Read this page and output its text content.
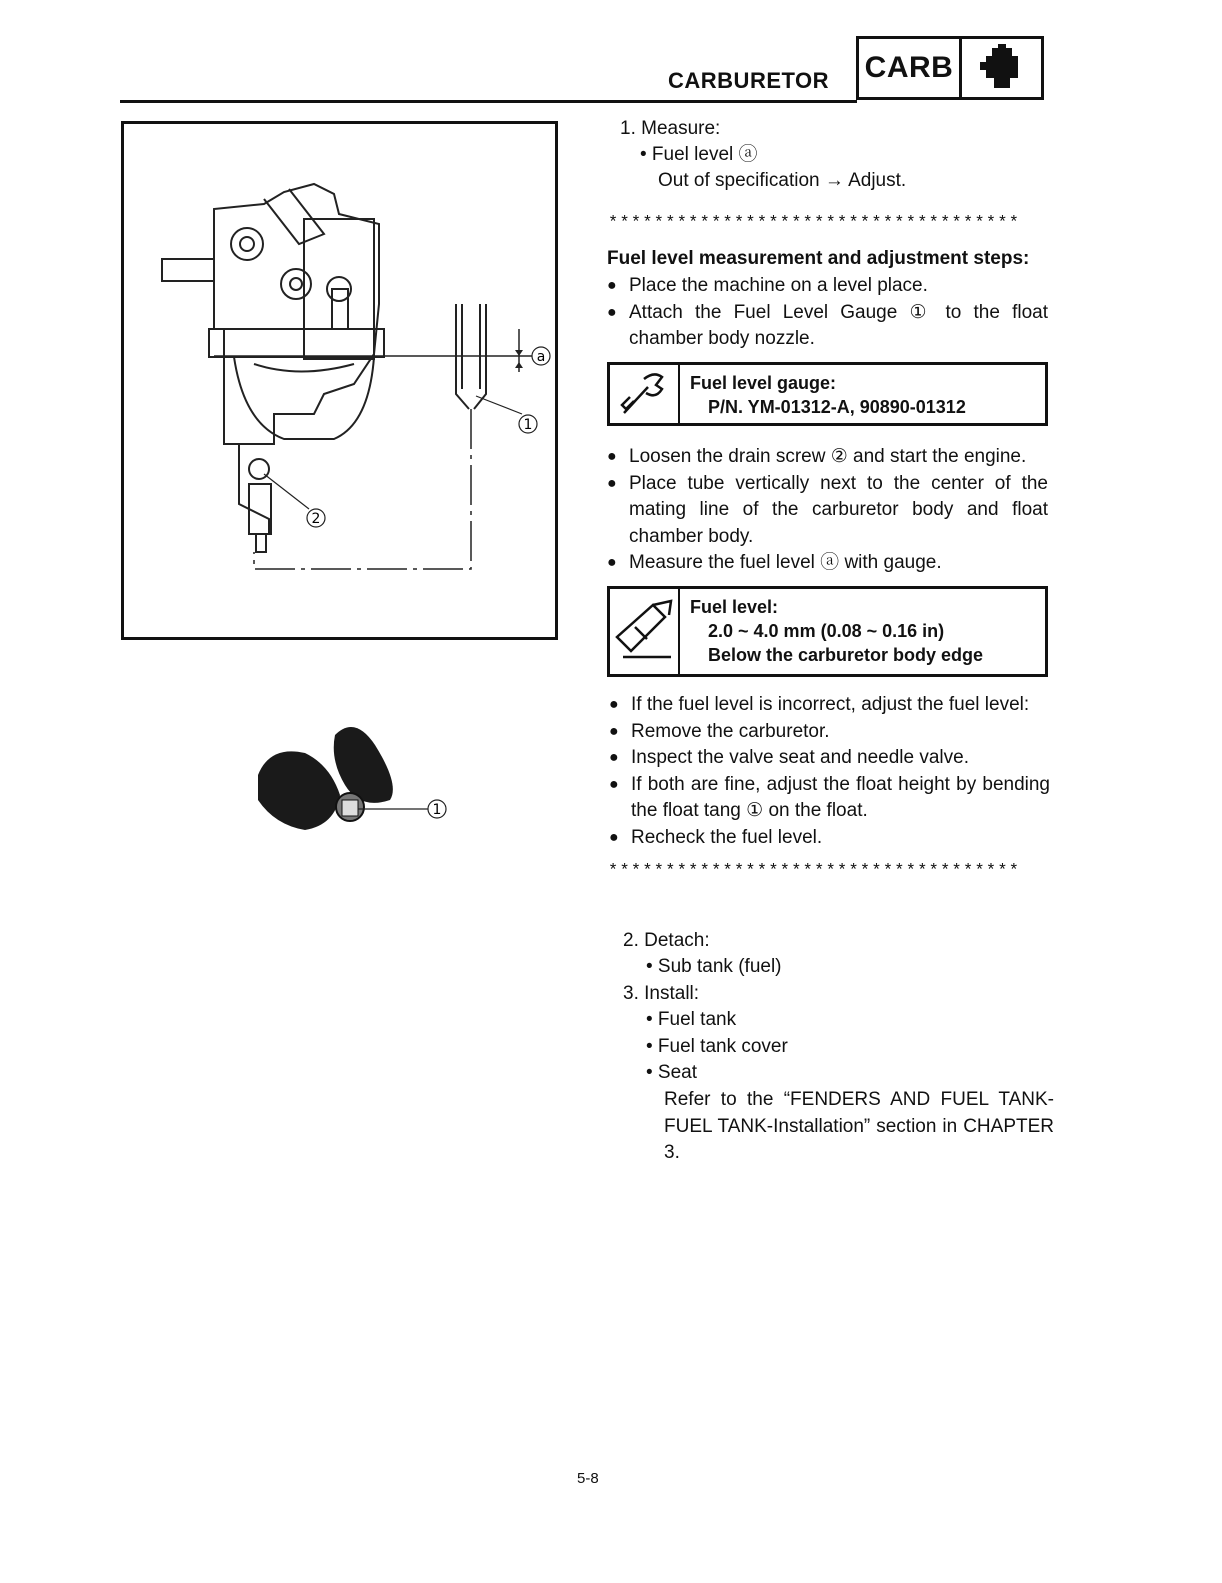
CARBURETOR CARB
a
1
2
1
1. Measure:
• Fuel level ⓐ
Out of specification → Adjust.
************************************
Fuel level measurement and adjustment steps:
● Place the machine on a level place.
● Attach the Fuel Level Gauge ① to the float chamber body nozzle.
Fuel level gauge:
P/N. YM-01312-A, 90890-01312
● Loosen the drain screw ② and start the engine.
● Place tube vertically next to the center of the mating line of the carburetor body and float chamber body.
● Measure the fuel level ⓐ with gauge.
Fuel level:
2.0 ~ 4.0 mm (0.08 ~ 0.16 in)
Below the carburetor body edge
● If the fuel level is incorrect, adjust the fuel level:
● Remove the carburetor.
● Inspect the valve seat and needle valve.
● If both are fine, adjust the float height by bending the float tang ① on the float.
● Recheck the fuel level.
************************************
2. Detach:
• Sub tank (fuel)
3. Install:
• Fuel tank
• Fuel tank cover
• Seat
Refer to the “FENDERS AND FUEL TANK-FUEL TANK-Installation” section in CHAPTER 3.
5-8
